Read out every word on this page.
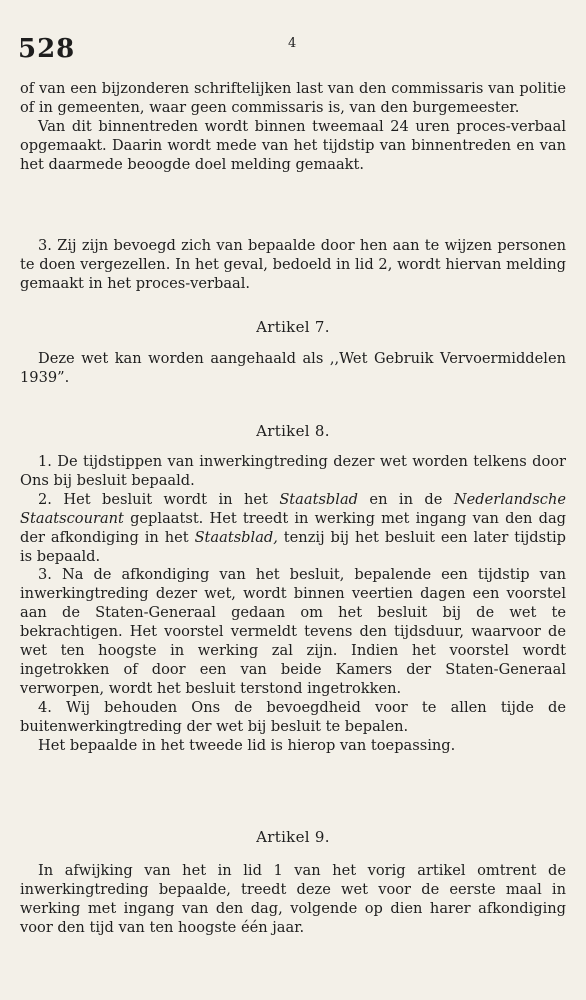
528	4

of van een bijzonderen schriftelijken last van den commissaris van politie of in gemeenten, waar geen commissaris is, van den burgemeester.

Van dit binnentreden wordt binnen tweemaal 24 uren proces-verbaal opgemaakt. Daarin wordt mede van het tijdstip van binnentreden en van het daarmede beoogde doel melding gemaakt.

3. Zij zijn bevoegd zich van bepaalde door hen aan te wijzen personen te doen vergezellen. In het geval, bedoeld in lid 2, wordt hiervan melding gemaakt in het proces-verbaal.

Artikel 7.

Deze wet kan worden aangehaald als ,,Wet Gebruik Vervoermiddelen 1939”.

Artikel 8.

1. De tijdstippen van inwerkingtreding dezer wet worden telkens door Ons bij besluit bepaald.

2. Het besluit wordt in het Staatsblad en in de Nederlandsche Staatscourant geplaatst. Het treedt in werking met ingang van den dag der afkondiging in het Staatsblad, tenzij bij het besluit een later tijdstip is bepaald.

3. Na de afkondiging van het besluit, bepalende een tijdstip van inwerkingtreding dezer wet, wordt binnen veertien dagen een voorstel aan de Staten-Generaal gedaan om het besluit bij de wet te bekrachtigen. Het voorstel vermeldt tevens den tijdsduur, waarvoor de wet ten hoogste in werking zal zijn. Indien het voorstel wordt ingetrokken of door een van beide Kamers der Staten-Generaal verworpen, wordt het besluit terstond ingetrokken.

4. Wij behouden Ons de bevoegdheid voor te allen tijde de buitenwerkingtreding der wet bij besluit te bepalen.

Het bepaalde in het tweede lid is hierop van toepassing.

Artikel 9.

In afwijking van het in lid 1 van het vorig artikel omtrent de inwerkingtreding bepaalde, treedt deze wet voor de eerste maal in werking met ingang van den dag, volgende op dien harer afkondiging voor den tijd van ten hoogste één jaar.
